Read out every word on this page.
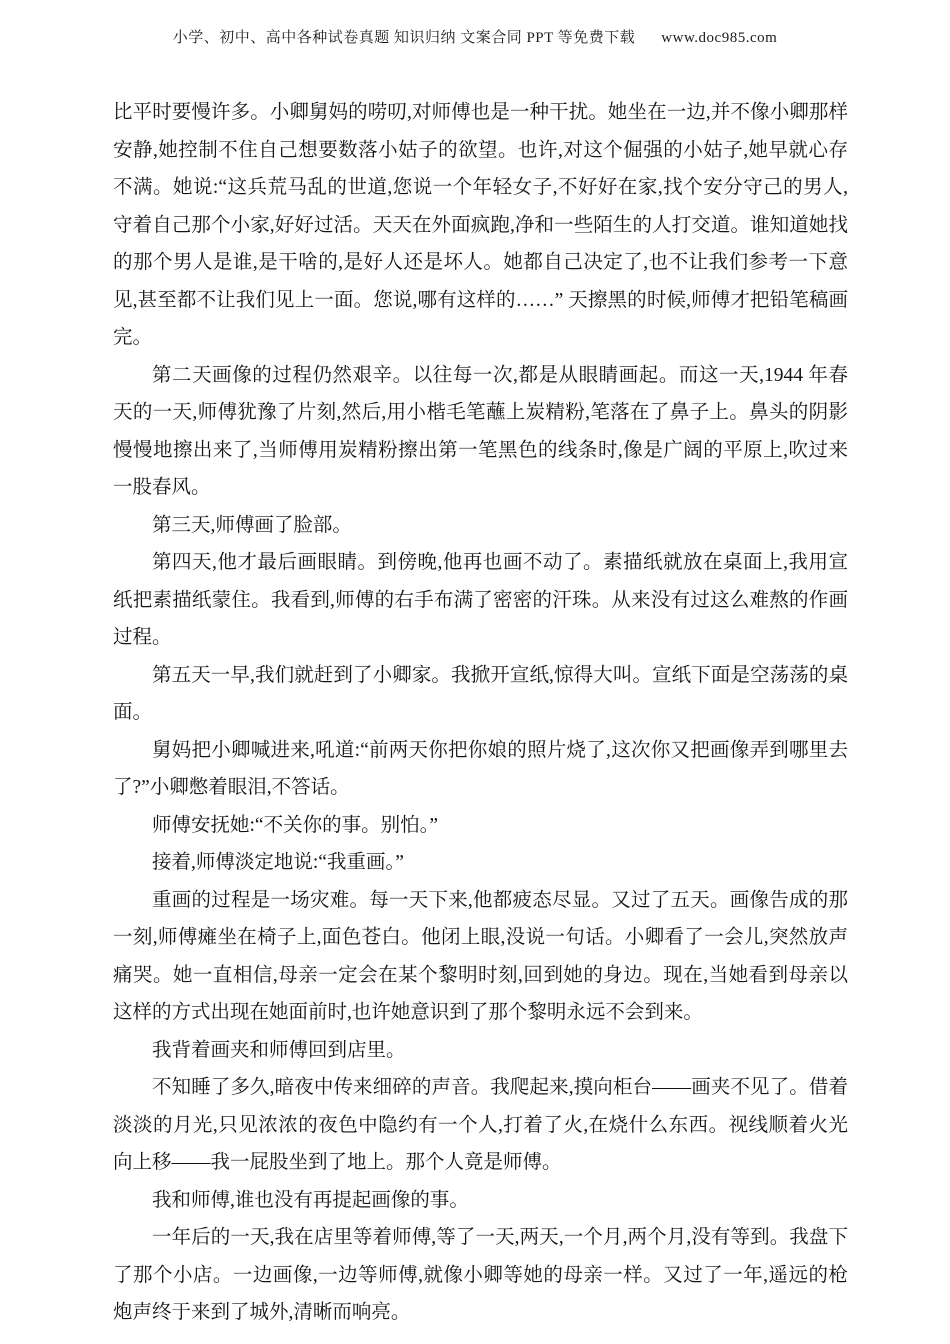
小学、初中、高中各种试卷真题 知识归纳 文案合同 PPT 等免费下载 www.doc985.com

比平时要慢许多。小卿舅妈的唠叨,对师傅也是一种干扰。她坐在一边,并不像小卿那样安静,她控制不住自己想要数落小姑子的欲望。也许,对这个倔强的小姑子,她早就心存不满。她说:“这兵荒马乱的世道,您说一个年轻女子,不好好在家,找个安分守己的男人,守着自己那个小家,好好过活。天天在外面疯跑,净和一些陌生的人打交道。谁知道她找的那个男人是谁,是干啥的,是好人还是坏人。她都自己决定了,也不让我们参考一下意见,甚至都不让我们见上一面。您说,哪有这样的……” 天擦黑的时候,师傅才把铅笔稿画完。

第二天画像的过程仍然艰辛。以往每一次,都是从眼睛画起。而这一天,1944 年春天的一天,师傅犹豫了片刻,然后,用小楷毛笔蘸上炭精粉,笔落在了鼻子上。鼻头的阴影慢慢地擦出来了,当师傅用炭精粉擦出第一笔黑色的线条时,像是广阔的平原上,吹过来一股春风。

第三天,师傅画了脸部。

第四天,他才最后画眼睛。到傍晚,他再也画不动了。素描纸就放在桌面上,我用宣纸把素描纸蒙住。我看到,师傅的右手布满了密密的汗珠。从来没有过这么难熬的作画过程。

第五天一早,我们就赶到了小卿家。我掀开宣纸,惊得大叫。宣纸下面是空荡荡的桌面。

舅妈把小卿喊进来,吼道:“前两天你把你娘的照片烧了,这次你又把画像弄到哪里去了?”小卿憋着眼泪,不答话。

师傅安抚她:“不关你的事。别怕。”

接着,师傅淡定地说:“我重画。”

重画的过程是一场灾难。每一天下来,他都疲态尽显。又过了五天。画像告成的那一刻,师傅瘫坐在椅子上,面色苍白。他闭上眼,没说一句话。小卿看了一会儿,突然放声痛哭。她一直相信,母亲一定会在某个黎明时刻,回到她的身边。现在,当她看到母亲以这样的方式出现在她面前时,也许她意识到了那个黎明永远不会到来。

我背着画夹和师傅回到店里。

不知睡了多久,暗夜中传来细碎的声音。我爬起来,摸向柜台——画夹不见了。借着淡淡的月光,只见浓浓的夜色中隐约有一个人,打着了火,在烧什么东西。视线顺着火光向上移——我一屁股坐到了地上。那个人竟是师傅。

我和师傅,谁也没有再提起画像的事。

一年后的一天,我在店里等着师傅,等了一天,两天,一个月,两个月,没有等到。我盘下了那个小店。一边画像,一边等师傅,就像小卿等她的母亲一样。又过了一年,遥远的枪炮声终于来到了城外,清晰而响亮。
